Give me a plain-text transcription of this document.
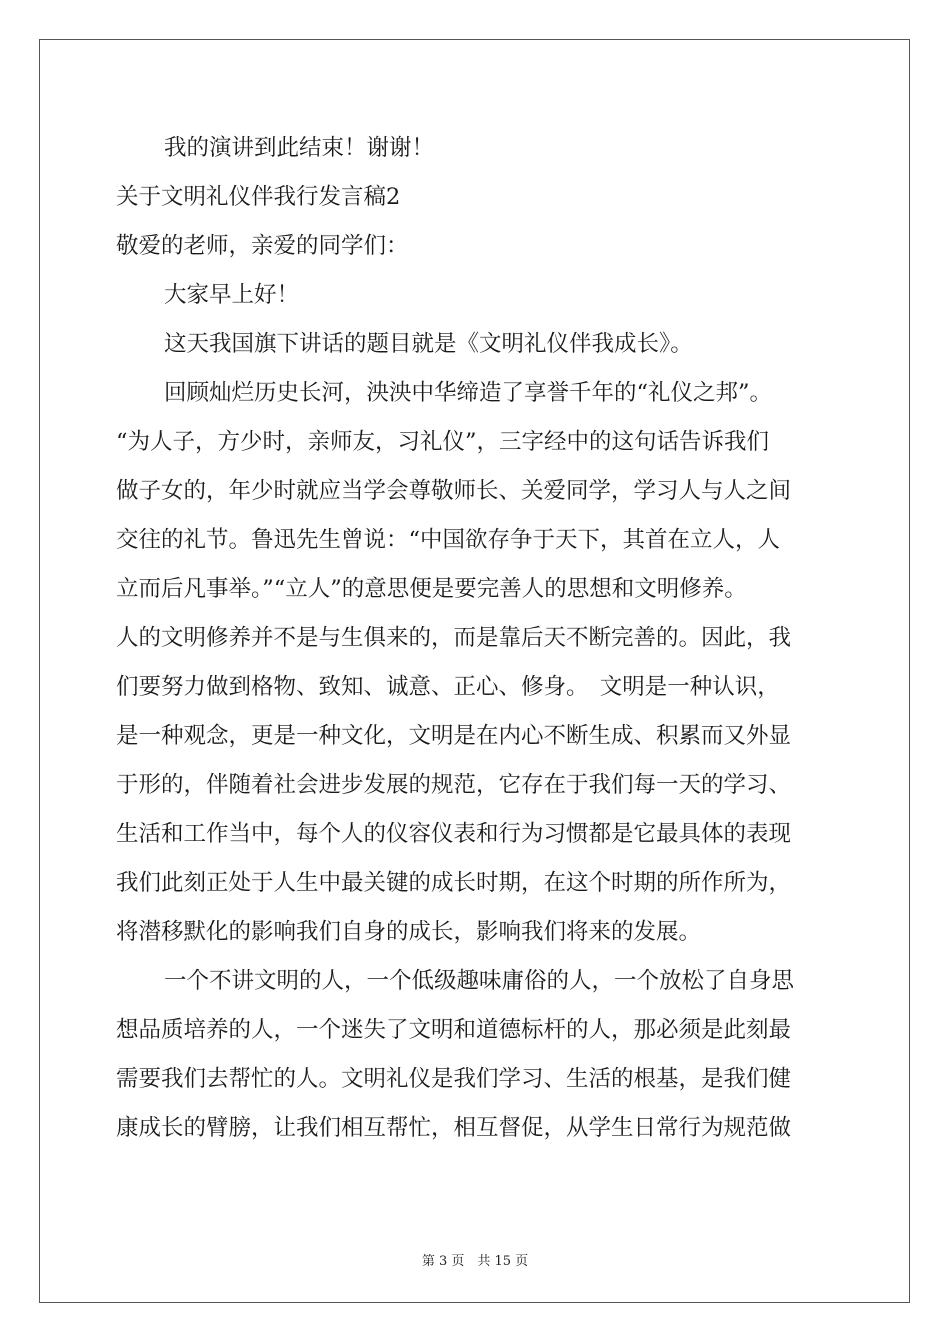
我的演讲到此结束！谢谢！
关于文明礼仪伴我行发言稿2
敬爱的老师，亲爱的同学们：
大家早上好！
这天我国旗下讲话的题目就是《文明礼仪伴我成长》。
回顾灿烂历史长河，泱泱中华缔造了享誉千年的“礼仪之邦”。
“为人子，方少时，亲师友，习礼仪”，三字经中的这句话告诉我们
做子女的，年少时就应当学会尊敬师长、关爱同学，学习人与人之间
交往的礼节。鲁迅先生曾说：“中国欲存争于天下，其首在立人，人
立而后凡事举。”“立人”的意思便是要完善人的思想和文明修养。
人的文明修养并不是与生俱来的，而是靠后天不断完善的。因此，我
们要努力做到格物、致知、诚意、正心、修身。　文明是一种认识，
是一种观念，更是一种文化，文明是在内心不断生成、积累而又外显
于形的，伴随着社会进步发展的规范，它存在于我们每一天的学习、
生活和工作当中，每个人的仪容仪表和行为习惯都是它最具体的表现
我们此刻正处于人生中最关键的成长时期，在这个时期的所作所为，
将潜移默化的影响我们自身的成长，影响我们将来的发展。
一个不讲文明的人，一个低级趣味庸俗的人，一个放松了自身思
想品质培养的人，一个迷失了文明和道德标杆的人，那必须是此刻最
需要我们去帮忙的人。文明礼仪是我们学习、生活的根基，是我们健
康成长的臂膀，让我们相互帮忙，相互督促，从学生日常行为规范做
第 3 页　共 15 页
